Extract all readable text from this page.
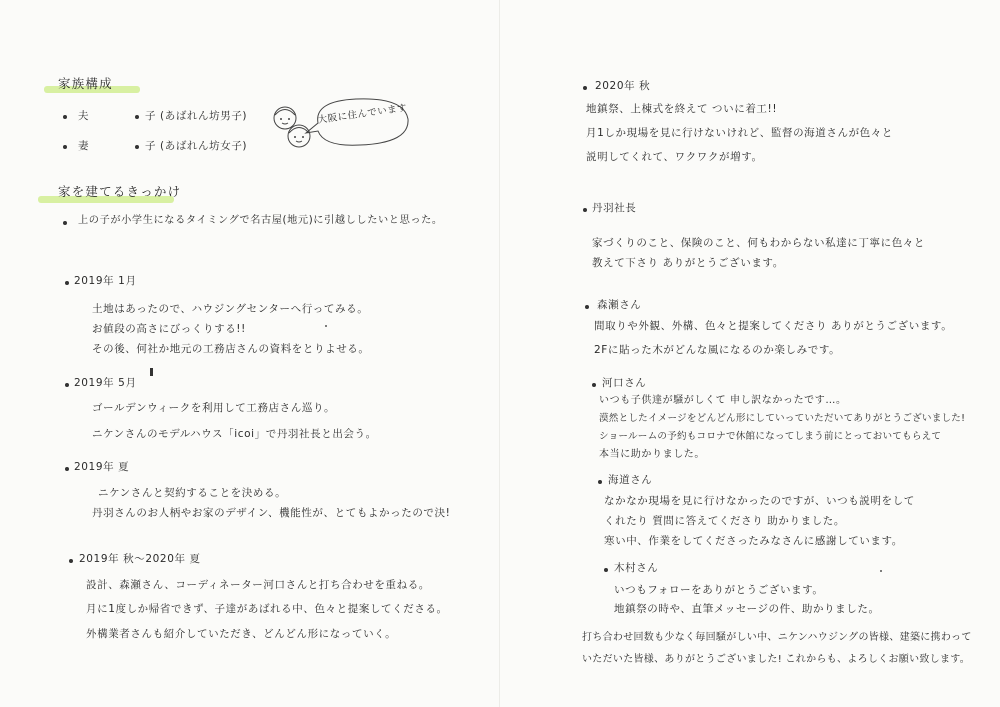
家族構成
夫	子 (あばれん坊男子)
妻	子 (あばれん坊女子)
大阪に住んでいます
家を建てるきっかけ
上の子が小学生になるタイミングで名古屋(地元)に引越ししたいと思った。
2019年 1月
土地はあったので、ハウジングセンターへ行ってみる。
お値段の高さにびっくりする!!
その後、何社か地元の工務店さんの資料をとりよせる。
2019年 5月
ゴールデンウィークを利用して工務店さん巡り。
ニケンさんのモデルハウス「icoi」で丹羽社長と出会う。
2019年 夏
ニケンさんと契約することを決める。
丹羽さんのお人柄やお家のデザイン、機能性が、とてもよかったので決!
2019年 秋〜2020年 夏
設計、森瀬さん、コーディネーター河口さんと打ち合わせを重ねる。
月に1度しか帰省できず、子達があばれる中、色々と提案してくださる。
外構業者さんも紹介していただき、どんどん形になっていく。
2020年 秋
地鎮祭、上棟式を終えて ついに着工!!
月1しか現場を見に行けないけれど、監督の海道さんが色々と
説明してくれて、ワクワクが増す。
丹羽社長
家づくりのこと、保険のこと、何もわからない私達に丁寧に色々と
教えて下さり ありがとうございます。
森瀬さん
間取りや外観、外構、色々と提案してくださり ありがとうございます。
2Fに貼った木がどんな風になるのか楽しみです。
河口さん
いつも子供達が騒がしくて 申し訳なかったです…。
漠然としたイメージをどんどん形にしていっていただいてありがとうございました!
ショールームの予約もコロナで休館になってしまう前にとっておいてもらえて
本当に助かりました。
海道さん
なかなか現場を見に行けなかったのですが、いつも説明をして
くれたり 質問に答えてくださり 助かりました。
寒い中、作業をしてくださったみなさんに感謝しています。
木村さん
いつもフォローをありがとうございます。
地鎮祭の時や、直筆メッセージの件、助かりました。
打ち合わせ回数も少なく毎回騒がしい中、ニケンハウジングの皆様、建築に携わって
いただいた皆様、ありがとうございました! これからも、よろしくお願い致します。
